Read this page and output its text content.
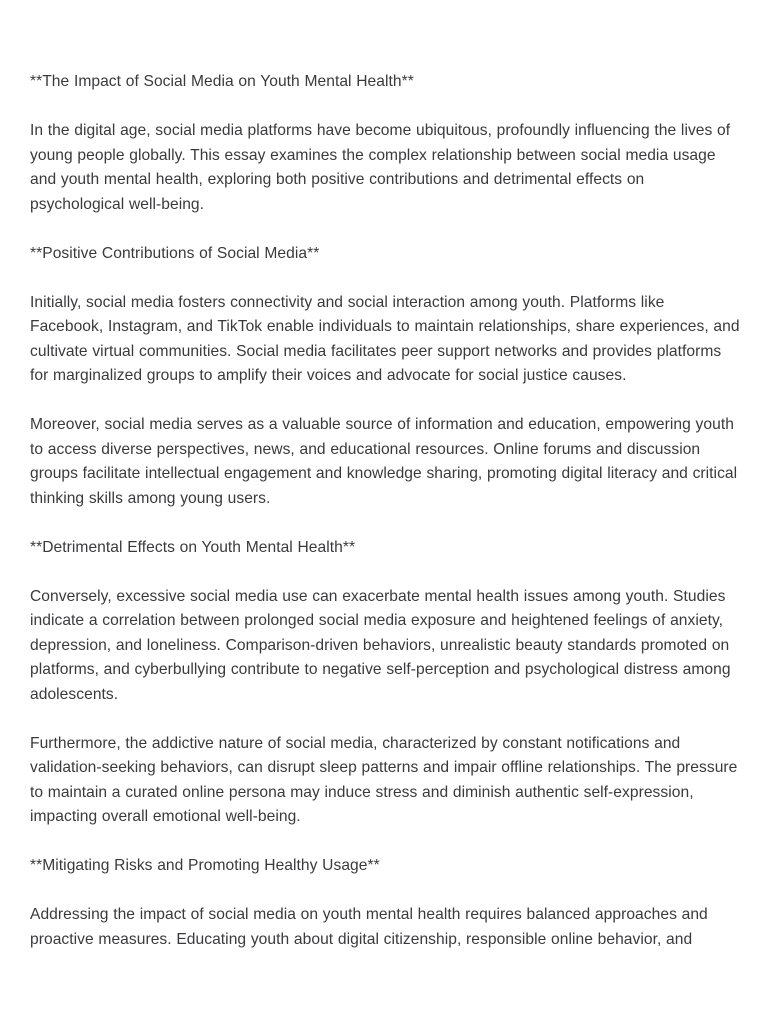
**The Impact of Social Media on Youth Mental Health**

In the digital age, social media platforms have become ubiquitous, profoundly influencing the lives of young people globally. This essay examines the complex relationship between social media usage and youth mental health, exploring both positive contributions and detrimental effects on psychological well-being.

**Positive Contributions of Social Media**

Initially, social media fosters connectivity and social interaction among youth. Platforms like Facebook, Instagram, and TikTok enable individuals to maintain relationships, share experiences, and cultivate virtual communities. Social media facilitates peer support networks and provides platforms for marginalized groups to amplify their voices and advocate for social justice causes.

Moreover, social media serves as a valuable source of information and education, empowering youth to access diverse perspectives, news, and educational resources. Online forums and discussion groups facilitate intellectual engagement and knowledge sharing, promoting digital literacy and critical thinking skills among young users.

**Detrimental Effects on Youth Mental Health**

Conversely, excessive social media use can exacerbate mental health issues among youth. Studies indicate a correlation between prolonged social media exposure and heightened feelings of anxiety, depression, and loneliness. Comparison-driven behaviors, unrealistic beauty standards promoted on platforms, and cyberbullying contribute to negative self-perception and psychological distress among adolescents.

Furthermore, the addictive nature of social media, characterized by constant notifications and validation-seeking behaviors, can disrupt sleep patterns and impair offline relationships. The pressure to maintain a curated online persona may induce stress and diminish authentic self-expression, impacting overall emotional well-being.

**Mitigating Risks and Promoting Healthy Usage**

Addressing the impact of social media on youth mental health requires balanced approaches and proactive measures. Educating youth about digital citizenship, responsible online behavior, and
